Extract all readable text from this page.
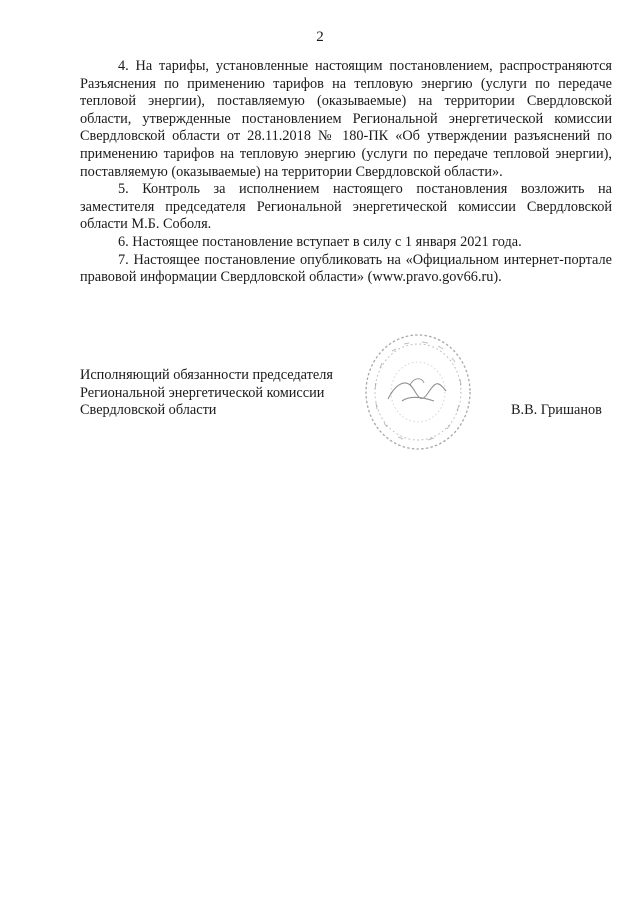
2

4. На тарифы, установленные настоящим постановлением, распространяются Разъяснения по применению тарифов на тепловую энергию (услуги по передаче тепловой энергии), поставляемую (оказываемые) на территории Свердловской области, утвержденные постановлением Региональной энергетической комиссии Свердловской области от 28.11.2018 № 180-ПК «Об утверждении разъяснений по применению тарифов на тепловую энергию (услуги по передаче тепловой энергии), поставляемую (оказываемые) на территории Свердловской области».

5. Контроль за исполнением настоящего постановления возложить на заместителя председателя Региональной энергетической комиссии Свердловской области М.Б. Соболя.

6. Настоящее постановление вступает в силу с 1 января 2021 года.

7. Настоящее постановление опубликовать на «Официальном интернет-портале правовой информации Свердловской области» (www.pravo.gov66.ru).

Исполняющий обязанности председателя
Региональной энергетической комиссии
Свердловской области	В.В. Гришанов
